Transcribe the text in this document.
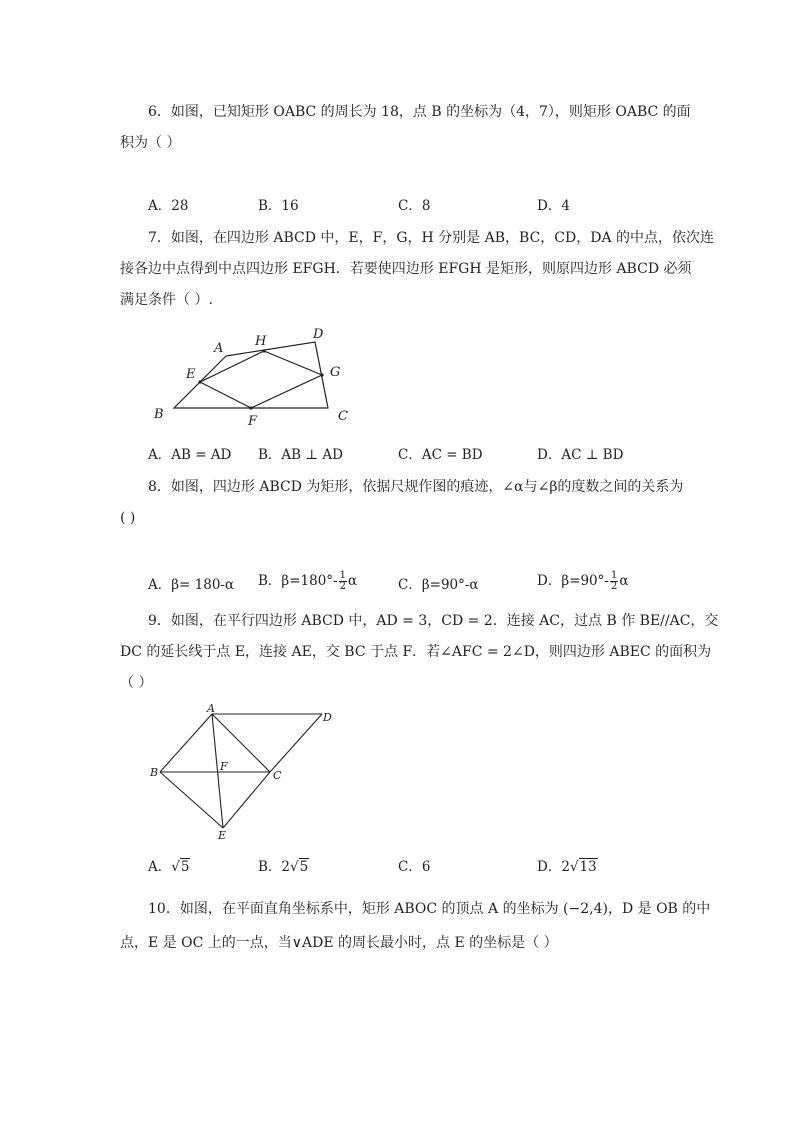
6．如图，已知矩形 OABC 的周长为 18，点 B 的坐标为（4，7），则矩形 OABC 的面
积为（ ）
A．28	B．16	C．8	D．4
7．如图，在四边形 ABCD 中，E，F，G，H 分别是 AB，BC，CD，DA 的中点，依次连
接各边中点得到中点四边形 EFGH．若要使四边形 EFGH 是矩形，则原四边形 ABCD 必须
满足条件（ ）.
A H	D
E	G
B	F	C
A．AB = AD B．AB ⊥ AD	C．AC = BD	D．AC ⊥ BD
8．如图，四边形 ABCD 为矩形，依据尺规作图的痕迹，∠α与∠β的度数之间的关系为
( )
A．β= 180-α B．$\beta=180^\circ- \frac{1}{2}$ α	C．β=90°-α	D．$\beta=90^\circ- \frac{1}{2}$ α
9．如图，在平行四边形 ABCD 中，AD = 3，CD = 2．连接 AC，过点 B 作 BE//AC，交
DC 的延长线于点 E，连接 AE，交 BC 于点 F．若∠AFC = 2∠D，则四边形 ABEC 的面积为
（ ）
A
D
B	F
C
E
A．√5	B．2√5	C．6	D．2√13
10．如图，在平面直角坐标系中，矩形 ABOC 的顶点 A 的坐标为 (−2,4)，D 是 OB 的中
点，E 是 OC 上的一点，当∨ADE 的周长最小时，点 E 的坐标是（ ）
